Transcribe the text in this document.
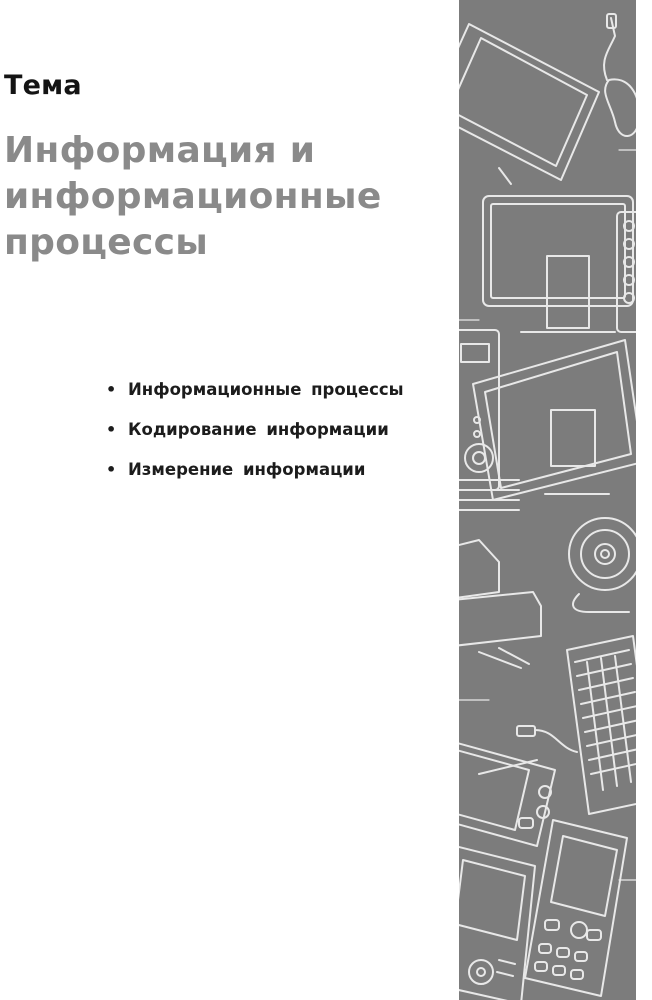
Тема
Информация и
информационные
процессы
• Информационные процессы
• Кодирование информации
• Измерение информации
